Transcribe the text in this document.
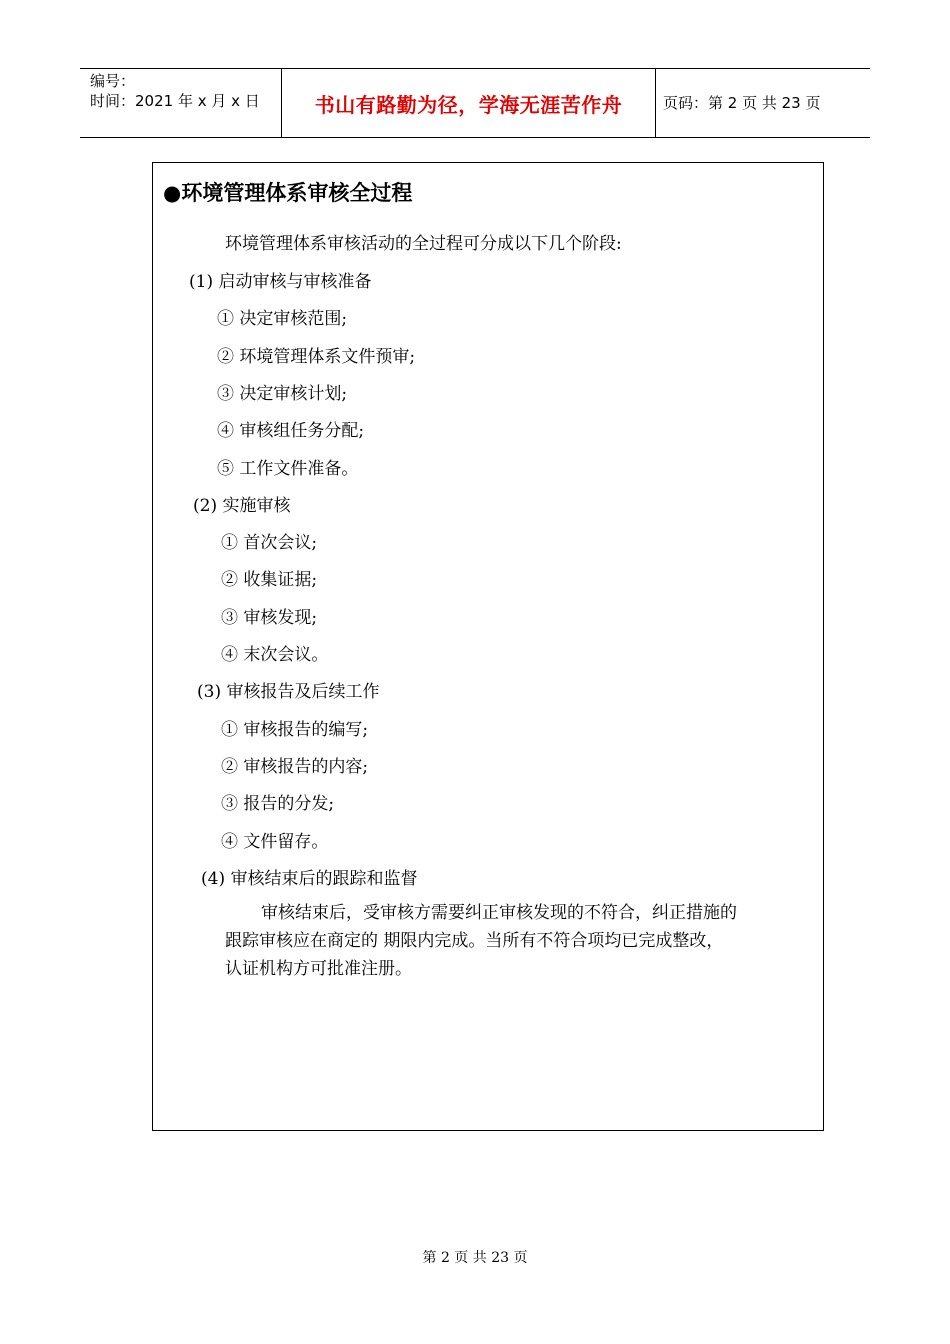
编号：
时间：2021 年 x 月 x 日	书山有路勤为径，学海无涯苦作舟	页码：第 2 页 共 23 页
●环境管理体系审核全过程
环境管理体系审核活动的全过程可分成以下几个阶段:
(1) 启动审核与审核准备
① 决定审核范围;
② 环境管理体系文件预审;
③ 决定审核计划;
④ 审核组任务分配;
⑤ 工作文件准备。
(2) 实施审核
① 首次会议;
② 收集证据;
③ 审核发现;
④ 末次会议。
(3) 审核报告及后续工作
① 审核报告的编写;
② 审核报告的内容;
③ 报告的分发;
④ 文件留存。
(4) 审核结束后的跟踪和监督
审核结束后，受审核方需要纠正审核发现的不符合，纠正措施的
跟踪审核应在商定的 期限内完成。当所有不符合项均已完成整改，
认证机构方可批准注册。
第 2 页 共 23 页
